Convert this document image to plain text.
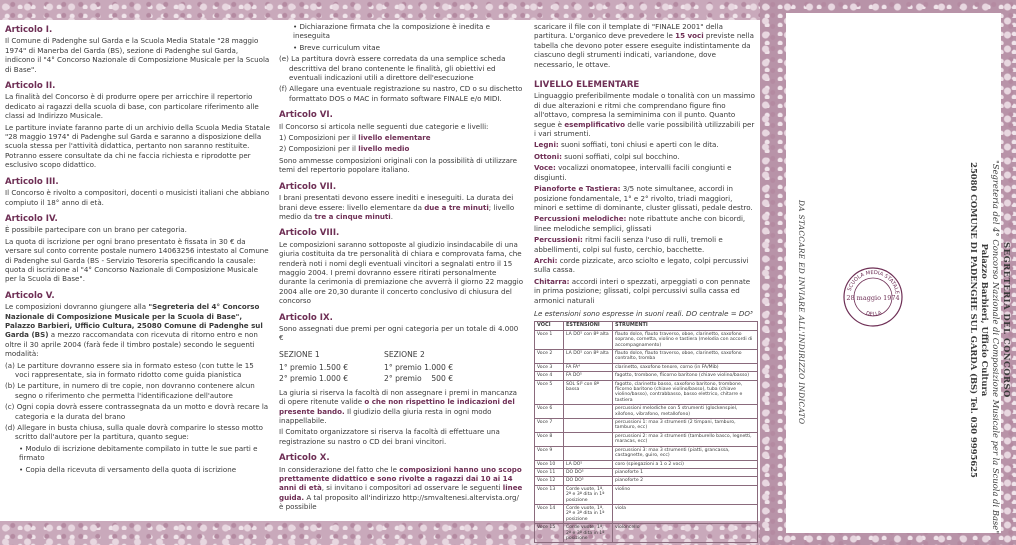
Articolo I.

Il Comune di Padenghe sul Garda e la Scuola Media Statale "28 maggio 1974" di Manerba del Garda (BS), sezione di Padenghe sul Garda, indicono il "4° Concorso Nazionale di Composizione Musicale per la Scuola di Base".

Articolo II.

La finalità del Concorso è di produrre opere per arricchire il repertorio dedicato ai ragazzi della scuola di base, con particolare riferimento alle classi ad Indirizzo Musicale.

Le partiture inviate faranno parte di un archivio della Scuola Media Statale "28 maggio 1974" di Padenghe sul Garda e saranno a disposizione della scuola stessa per l'attività didattica, pertanto non saranno restituite. Potranno essere consultate da chi ne faccia richiesta e riprodotte per esclusivo scopo didattico.

Articolo III.

Il Concorso è rivolto a compositori, docenti o musicisti italiani che abbiano compiuto il 18° anno di età.

Articolo IV.

È possibile partecipare con un brano per categoria.

La quota di iscrizione per ogni brano presentato è fissata in 30 € da versare sul conto corrente postale numero 14063256 intestato al Comune di Padenghe sul Garda (BS - Servizio Tesoreria specificando la causale: quota di iscrizione al "4° Concorso Nazionale di Composizione Musicale per la Scuola di Base".

Articolo V.

Le composizioni dovranno giungere alla "Segreteria del 4° Concorso Nazionale di Composizione Musicale per la Scuola di Base", Palazzo Barbieri, Ufficio Cultura, 25080 Comune di Padenghe sul Garda (BS) a mezzo raccomandata con ricevuta di ritorno entro e non oltre il 30 aprile 2004 (farà fede il timbro postale) secondo le seguenti modalità:

(a) Le partiture dovranno essere sia in formato esteso (con tutte le 15 voci rappresentate, sia in formato ridotto come guida pianistica

(b) Le partiture, in numero di tre copie, non dovranno contenere alcun segno o riferimento che permetta l'identificazione dell'autore

(c) Ogni copia dovrà essere contrassegnata da un motto e dovrà recare la categoria e la durata del brano

(d) Allegare in busta chiusa, sulla quale dovrà comparire lo stesso motto scritto dall'autore per la partitura, quanto segue:

• Modulo di iscrizione debitamente compilato in tutte le sue parti e firmato

• Copia della ricevuta di versamento della quota di iscrizione

• Dichiarazione firmata che la composizione è inedita e ineseguita

• Breve curriculum vitae

(e) La partitura dovrà essere corredata da una semplice scheda descrittiva del brano contenente le finalità, gli obiettivi ed eventuali indicazioni utili a direttore dell'esecuzione

(f) Allegare una eventuale registrazione su nastro, CD o su dischetto formattato DOS o MAC in formato software FINALE e/o MIDI.

Articolo VI.

Il Concorso si articola nelle seguenti due categorie e livelli:

1) Composizioni per il livello elementare

2) Composizioni per il livello medio

Sono ammesse composizioni originali con la possibilità di utilizzare temi del repertorio popolare italiano.

Articolo VII.

I brani presentati devono essere inediti e ineseguiti. La durata dei brani deve essere: livello elementare da due a tre minuti; livello medio da tre a cinque minuti.

Articolo VIII.

Le composizioni saranno sottoposte al giudizio insindacabile di una giuria costituita da tre personalità di chiara e comprovata fama, che renderà noti i nomi degli eventuali vincitori a segnalati entro il 15 maggio 2004. I premi dovranno essere ritirati personalmente durante la cerimonia di premiazione che avverrà il giorno 22 maggio 2004 alle ore 20,30 durante il concerto conclusivo di chiusura del concorso

Articolo IX.

Sono assegnati due premi per ogni categoria per un totale di 4.000 €

SEZIONE 1
1° premio 1.500 €
2° premio 1.000 €
SEZIONE 2
1° premio 1.000 €
2° premio    500 €

La giuria si riserva la facoltà di non assegnare i premi in mancanza di opere ritenute valide o che non rispettino le indicazioni del presente bando. Il giudizio della giuria resta in ogni modo inappellabile.

Il Comitato organizzatore si riserva la facoltà di effettuare una registrazione su nastro o CD dei brani vincitori.

Articolo X.

In considerazione del fatto che le composizioni hanno uno scopo prettamente didattico e sono rivolte a ragazzi dai 10 ai 14 anni di età, si invitano i compositori ad osservare le seguenti linee guida. A tal proposito all'indirizzo http://smvaltenesi.altervista.org/ è possibile

scaricare il file con il template di "FINALE 2001" della partitura. L'organico deve prevedere le 15 voci previste nella tabella che devono poter essere eseguite indistintamente da ciascuno degli strumenti indicati, variandone, dove necessario, le ottave.

LIVELLO ELEMENTARE

Linguaggio preferibilmente modale o tonalità con un massimo di due alterazioni e ritmi che comprendano figure fino all'ottavo, compresa la semiminima con il punto. Quanto segue è esemplificativo delle varie possibilità utilizzabili per i vari strumenti.

Legni: suoni soffiati, toni chiusi e aperti con le dita.

Ottoni: suoni soffiati, colpi sul bocchino.

Voce: vocalizzi onomatopee, intervalli facili congiunti e disgiunti.

Pianoforte e Tastiera: 3/5 note simultanee, accordi in posizione fondamentale, 1° e 2° rivolto, triadi maggiori, minori e settime di dominante, cluster glissati, pedale destro.

Percussioni melodiche: note ribattute anche con bicordi, linee melodiche semplici, glissati

Percussioni: ritmi facili senza l'uso di rulli, tremoli e abbellimenti, colpi sul fusto, cerchio, bacchette.

Archi: corde pizzicate, arco sciolto e legato, colpi percussivi sulla cassa.

Chitarra: accordi interi o spezzati, arpeggiati o con pennate in prima posizione; glissati, colpi percussivi sulla cassa ed armonici naturali

Le estensioni sono espresse in suoni reali. DO centrale = DO³

VOCI	ESTENSIONI	STRUMENTI
Voce 1	LA DO⁵ con 8ª alta	flauto dolce, flauto traverso, oboe, clarinetto, saxofono soprano, cornetta, violino e tastiera (melodia con accordi di accompagnamento)
Voce 2	LA DO⁵ con 8ª alta	flauto dolce, flauto traverso, oboe, clarinetto, saxofono contralto, tromba
Voce 3	FA FA⁴	clarinetto, saxofono tenore, corno (in FA/Mib)
Voce 4	FA DO⁵	fagotto, trombone, flicorno baritono (chiave violino/basso)
Voce 5	SOL SI⁵ con 8ª bassa	fagotto, clarinetto basso, saxofono baritono, trombone, flicorno baritono (chiave violino/basso), tuba (chiave violino/basso), contrabbasso, basso elettrico, chitarre e tastiera
Voce 6		percussioni melodiche con 5 strumenti (glockenspiel, xilofono, vibrafono, metallofono)
Voce 7		percussioni 1: max 3 strumenti (2 timpani, tamburo, tamburo, ecc)
Voce 8		percussioni 2: max 3 strumenti (tamburello basco, legnetti, maracas, ecc)
Voce 9		percussioni 3: max 3 strumenti (piatti, grancassa, castagnette, guiro, ecc)
Voce 10	LA DO⁵	coro (spiegazioni a 1 o 2 voci)
Voce 11	DO DO⁵	pianoforte 1
Voce 12	DO DO⁵	pianoforte 2
Voce 13	Corde vuote, 1ª, 2ª e 3ª dita in 1ª posizione	violino
Voce 14	Corde vuote, 1ª, 2ª e 3ª dita in 1ª posizione	viola
Voce 15	Corde vuote, 1ª, 2ª e 3ª dita in 1ª posizione	violoncello
SEGRETERIA DEL CONCORSO
"Segreteria del 4° Concorso Nazionale di Composizione Musicale per la Scuola di Base"
Palazzo Barbieri, Ufficio Cultura
25080 COMUNE DI PADENGHE SUL GARDA (BS) Tel. 030 9995625
DA STACCARE ED INVIARE ALL'INDIRIZZO INDICATO	SCUOLA MEDIA STATALE
28 maggio 1974
DELLA
